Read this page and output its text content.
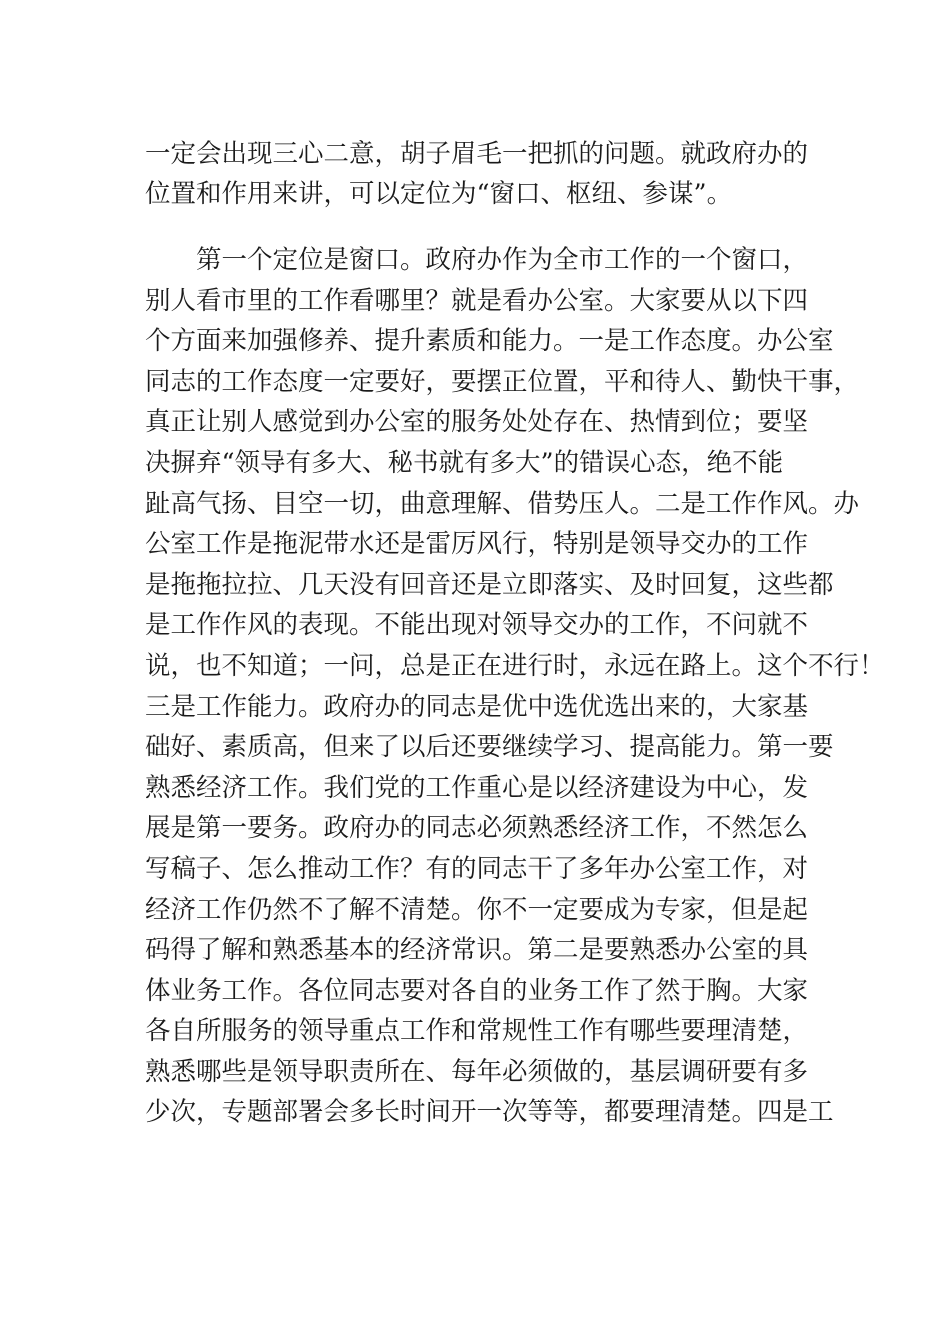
一定会出现三心二意，胡子眉毛一把抓的问题。就政府办的
位置和作用来讲，可以定位为“窗口、枢纽、参谋”。
第一个定位是窗口。政府办作为全市工作的一个窗口，
别人看市里的工作看哪里？就是看办公室。大家要从以下四
个方面来加强修养、提升素质和能力。一是工作态度。办公室
同志的工作态度一定要好，要摆正位置，平和待人、勤快干事，
真正让别人感觉到办公室的服务处处存在、热情到位；要坚
决摒弃“领导有多大、秘书就有多大”的错误心态，绝不能
趾高气扬、目空一切，曲意理解、借势压人。二是工作作风。办
公室工作是拖泥带水还是雷厉风行，特别是领导交办的工作
是拖拖拉拉、几天没有回音还是立即落实、及时回复，这些都
是工作作风的表现。不能出现对领导交办的工作，不问就不
说，也不知道；一问，总是正在进行时，永远在路上。这个不行！
三是工作能力。政府办的同志是优中选优选出来的，大家基
础好、素质高，但来了以后还要继续学习、提高能力。第一要
熟悉经济工作。我们党的工作重心是以经济建设为中心，发
展是第一要务。政府办的同志必须熟悉经济工作，不然怎么
写稿子、怎么推动工作？有的同志干了多年办公室工作，对
经济工作仍然不了解不清楚。你不一定要成为专家，但是起
码得了解和熟悉基本的经济常识。第二是要熟悉办公室的具
体业务工作。各位同志要对各自的业务工作了然于胸。大家
各自所服务的领导重点工作和常规性工作有哪些要理清楚，
熟悉哪些是领导职责所在、每年必须做的，基层调研要有多
少次，专题部署会多长时间开一次等等，都要理清楚。四是工
